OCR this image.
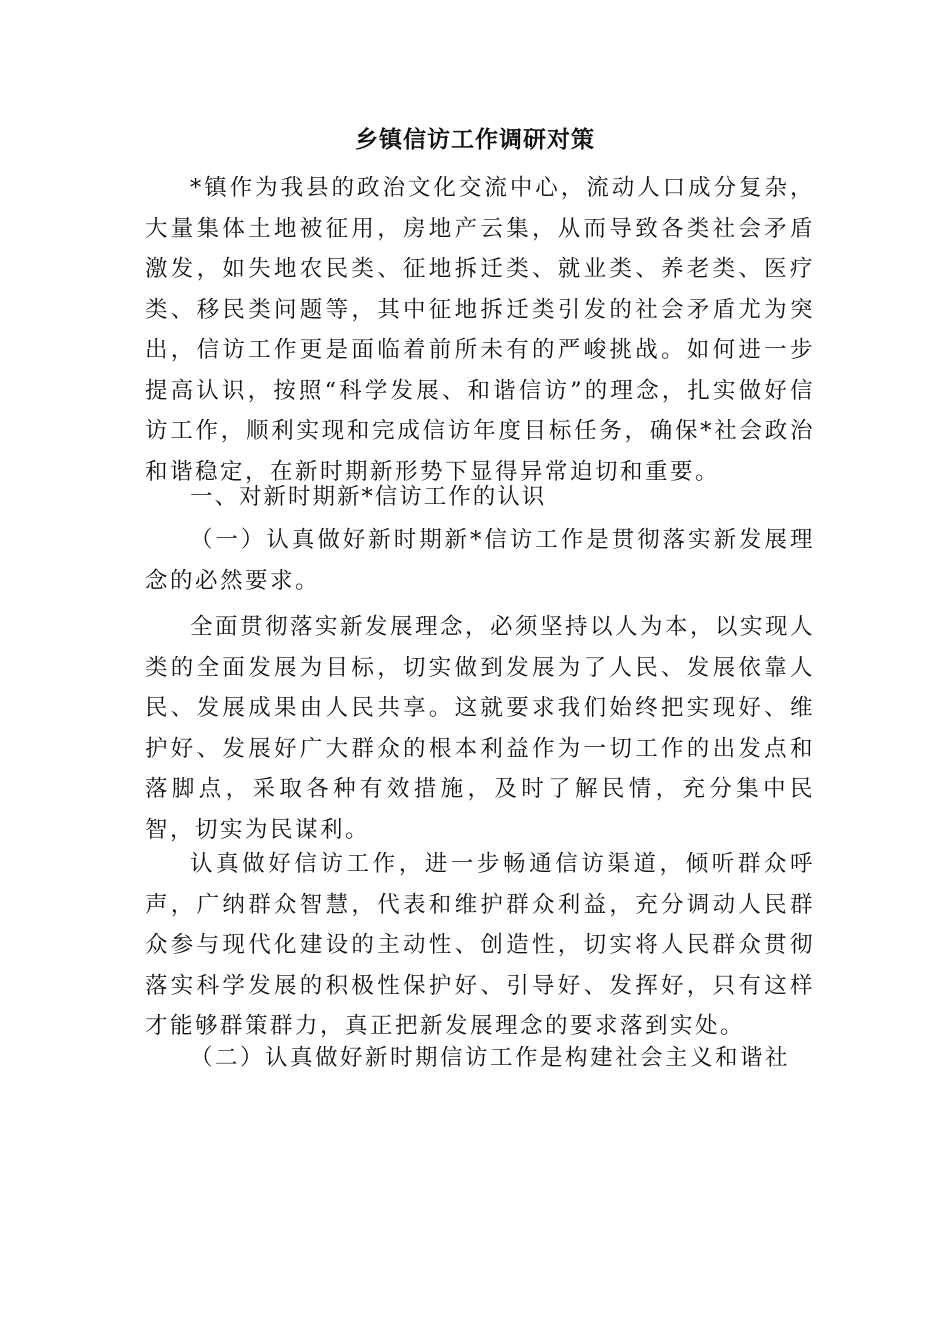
乡镇信访工作调研对策

*镇作为我县的政治文化交流中心，流动人口成分复杂，大量集体土地被征用，房地产云集，从而导致各类社会矛盾激发，如失地农民类、征地拆迁类、就业类、养老类、医疗类、移民类问题等，其中征地拆迁类引发的社会矛盾尤为突出，信访工作更是面临着前所未有的严峻挑战。如何进一步提高认识，按照“科学发展、和谐信访”的理念，扎实做好信访工作，顺利实现和完成信访年度目标任务，确保*社会政治和谐稳定，在新时期新形势下显得异常迫切和重要。

一、对新时期新*信访工作的认识

（一）认真做好新时期新*信访工作是贯彻落实新发展理念的必然要求。

全面贯彻落实新发展理念，必须坚持以人为本，以实现人类的全面发展为目标，切实做到发展为了人民、发展依靠人民、发展成果由人民共享。这就要求我们始终把实现好、维护好、发展好广大群众的根本利益作为一切工作的出发点和落脚点，采取各种有效措施，及时了解民情，充分集中民智，切实为民谋利。

认真做好信访工作，进一步畅通信访渠道，倾听群众呼声，广纳群众智慧，代表和维护群众利益，充分调动人民群众参与现代化建设的主动性、创造性，切实将人民群众贯彻落实科学发展的积极性保护好、引导好、发挥好，只有这样才能够群策群力，真正把新发展理念的要求落到实处。

（二）认真做好新时期信访工作是构建社会主义和谐社
